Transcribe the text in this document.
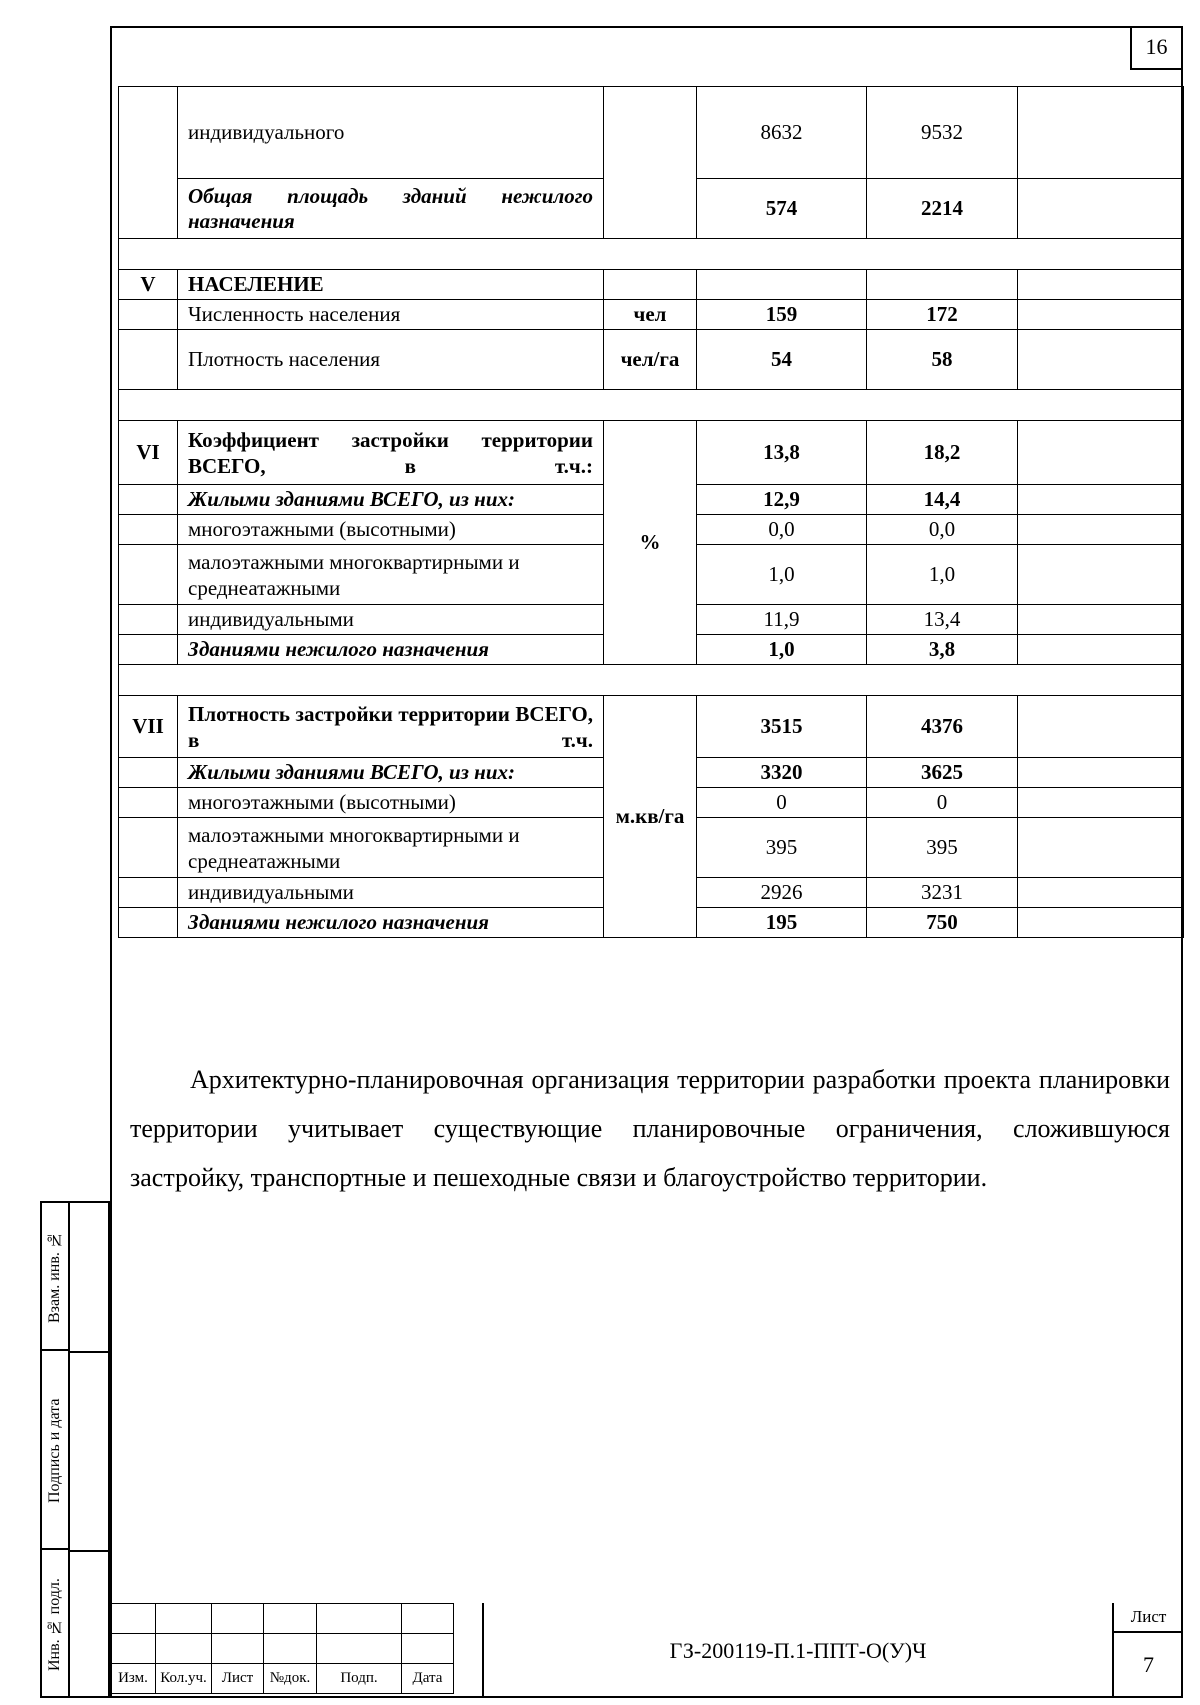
16
	индивидуального		8632	9532	
	Общая площадь зданий нежилого назначения		574	2214	

V	НАСЕЛЕНИЕ				
	Численность населения	чел	159	172	
	Плотность населения	чел/га	54	58	

VI	Коэффициент застройки территории ВСЕГО, в т.ч.:	%	13,8	18,2	
	Жилыми зданиями ВСЕГО, из них:		12,9	14,4	
	многоэтажными (высотными)		0,0	0,0	
	малоэтажными многоквартирными и среднеатажными		1,0	1,0	
	индивидуальными		11,9	13,4	
	Зданиями нежилого назначения		1,0	3,8	

VII	Плотность застройки территории ВСЕГО, в т.ч.	м.кв/га	3515	4376	
	Жилыми зданиями ВСЕГО, из них:		3320	3625	
	многоэтажными (высотными)		0	0	
	малоэтажными многоквартирными и среднеатажными		395	395	
	индивидуальными		2926	3231	
	Зданиями нежилого назначения		195	750	
Архитектурно-планировочная организация территории разработки проекта планировки территории учитывает существующие планировочные ограничения, сложившуюся застройку, транспортные и пешеходные связи и благоустройство территории.
Взам. инв. №
Подпись и дата
Инв. № подл.

Изм.	Кол.уч.	Лист	№док.	Подп.	Дата
ГЗ-200119-П.1-ППТ-О(У)Ч
Лист
7
